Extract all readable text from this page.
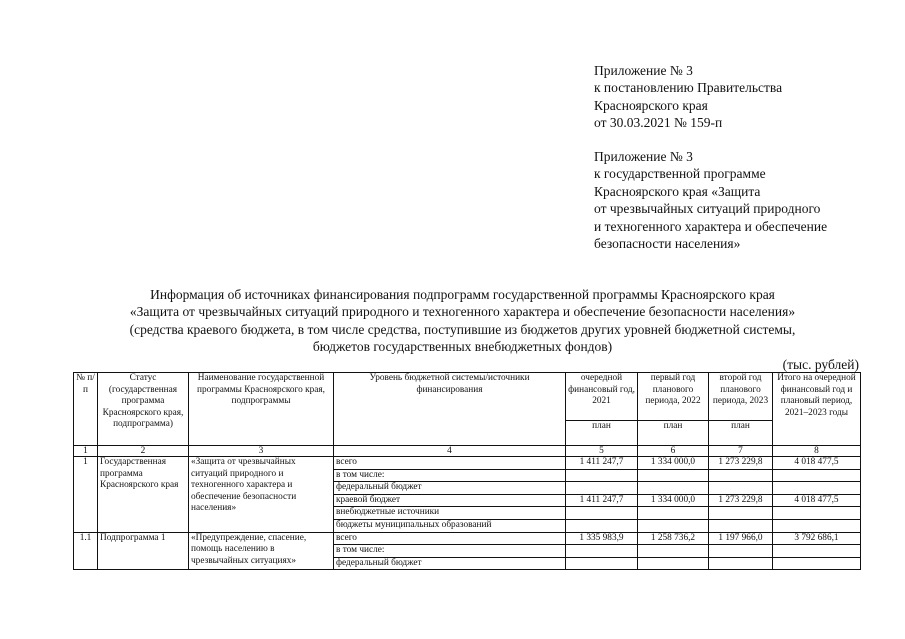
Приложение № 3
к постановлению Правительства
Красноярского края
от 30.03.2021 № 159-п
Приложение № 3
к государственной программе
Красноярского края «Защита
от чрезвычайных ситуаций природного
и техногенного характера и обеспечение
безопасности населения»
Информация об источниках финансирования подпрограмм государственной программы Красноярского края
«Защита от чрезвычайных ситуаций природного и техногенного характера и обеспечение безопасности населения»
(средства краевого бюджета, в том числе средства, поступившие из бюджетов других уровней бюджетной системы,
бюджетов государственных внебюджетных фондов)
(тыс. рублей)
№ п/п	Статус (государственная программа Красноярского края, подпрограмма)	Наименование государственной программы Красноярского края, подпрограммы	Уровень бюджетной системы/источники финансирования	очередной финансовый год, 2021	первый год планового периода, 2022	второй год планового периода, 2023	Итого на очередной финансовый год и плановый период, 2021–2023 годы
				план	план	план	
1	2	3	4	5	6	7	8
1	Государственная программа Красноярского края	«Защита от чрезвычайных ситуаций природного и техногенного характера и обеспечение безопасности населения»	всего	1 411 247,7	1 334 000,0	1 273 229,8	4 018 477,5
			в том числе:				
			федеральный бюджет				
			краевой бюджет	1 411 247,7	1 334 000,0	1 273 229,8	4 018 477,5
			внебюджетные источники				
			бюджеты муниципальных образований				
1.1	Подпрограмма 1	«Предупреждение, спасение, помощь населению в чрезвычайных ситуациях»	всего	1 335 983,9	1 258 736,2	1 197 966,0	3 792 686,1
			в том числе:				
			федеральный бюджет				
